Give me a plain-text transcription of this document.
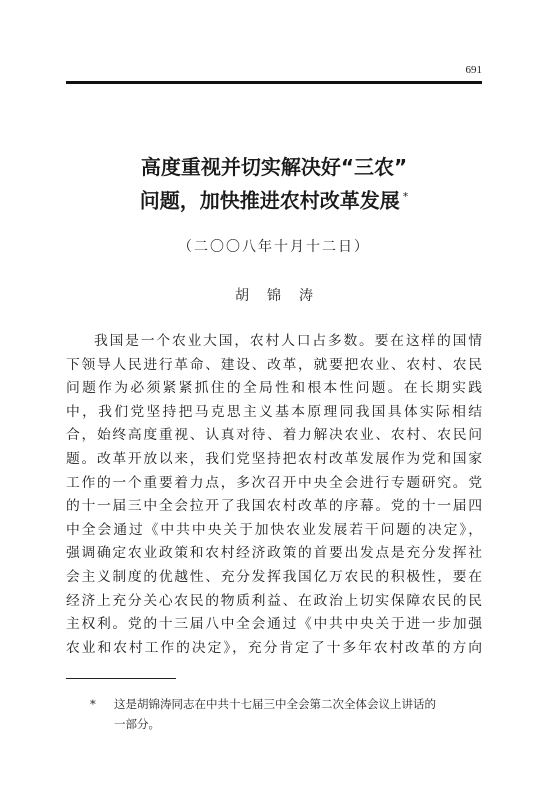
691
高度重视并切实解决好“三农”
问题，加快推进农村改革发展 *
（二〇〇八年十月十二日）
胡锦涛
我国是一个农业大国，农村人口占多数。要在这样的国情
下领导人民进行革命、建设、改革，就要把农业、农村、农民
问题作为必须紧紧抓住的全局性和根本性问题。在长期实践
中，我们党坚持把马克思主义基本原理同我国具体实际相结
合，始终高度重视、认真对待、着力解决农业、农村、农民问
题。改革开放以来，我们党坚持把农村改革发展作为党和国家
工作的一个重要着力点，多次召开中央全会进行专题研究。党
的十一届三中全会拉开了我国农村改革的序幕。党的十一届四
中全会通过《中共中央关于加快农业发展若干问题的决定》，
强调确定农业政策和农村经济政策的首要出发点是充分发挥社
会主义制度的优越性、充分发挥我国亿万农民的积极性，要在
经济上充分关心农民的物质利益、在政治上切实保障农民的民
主权利。党的十三届八中全会通过《中共中央关于进一步加强
农业和农村工作的决定》，充分肯定了十多年农村改革的方向
*	这是胡锦涛同志在中共十七届三中全会第二次全体会议上讲话的
一部分。
